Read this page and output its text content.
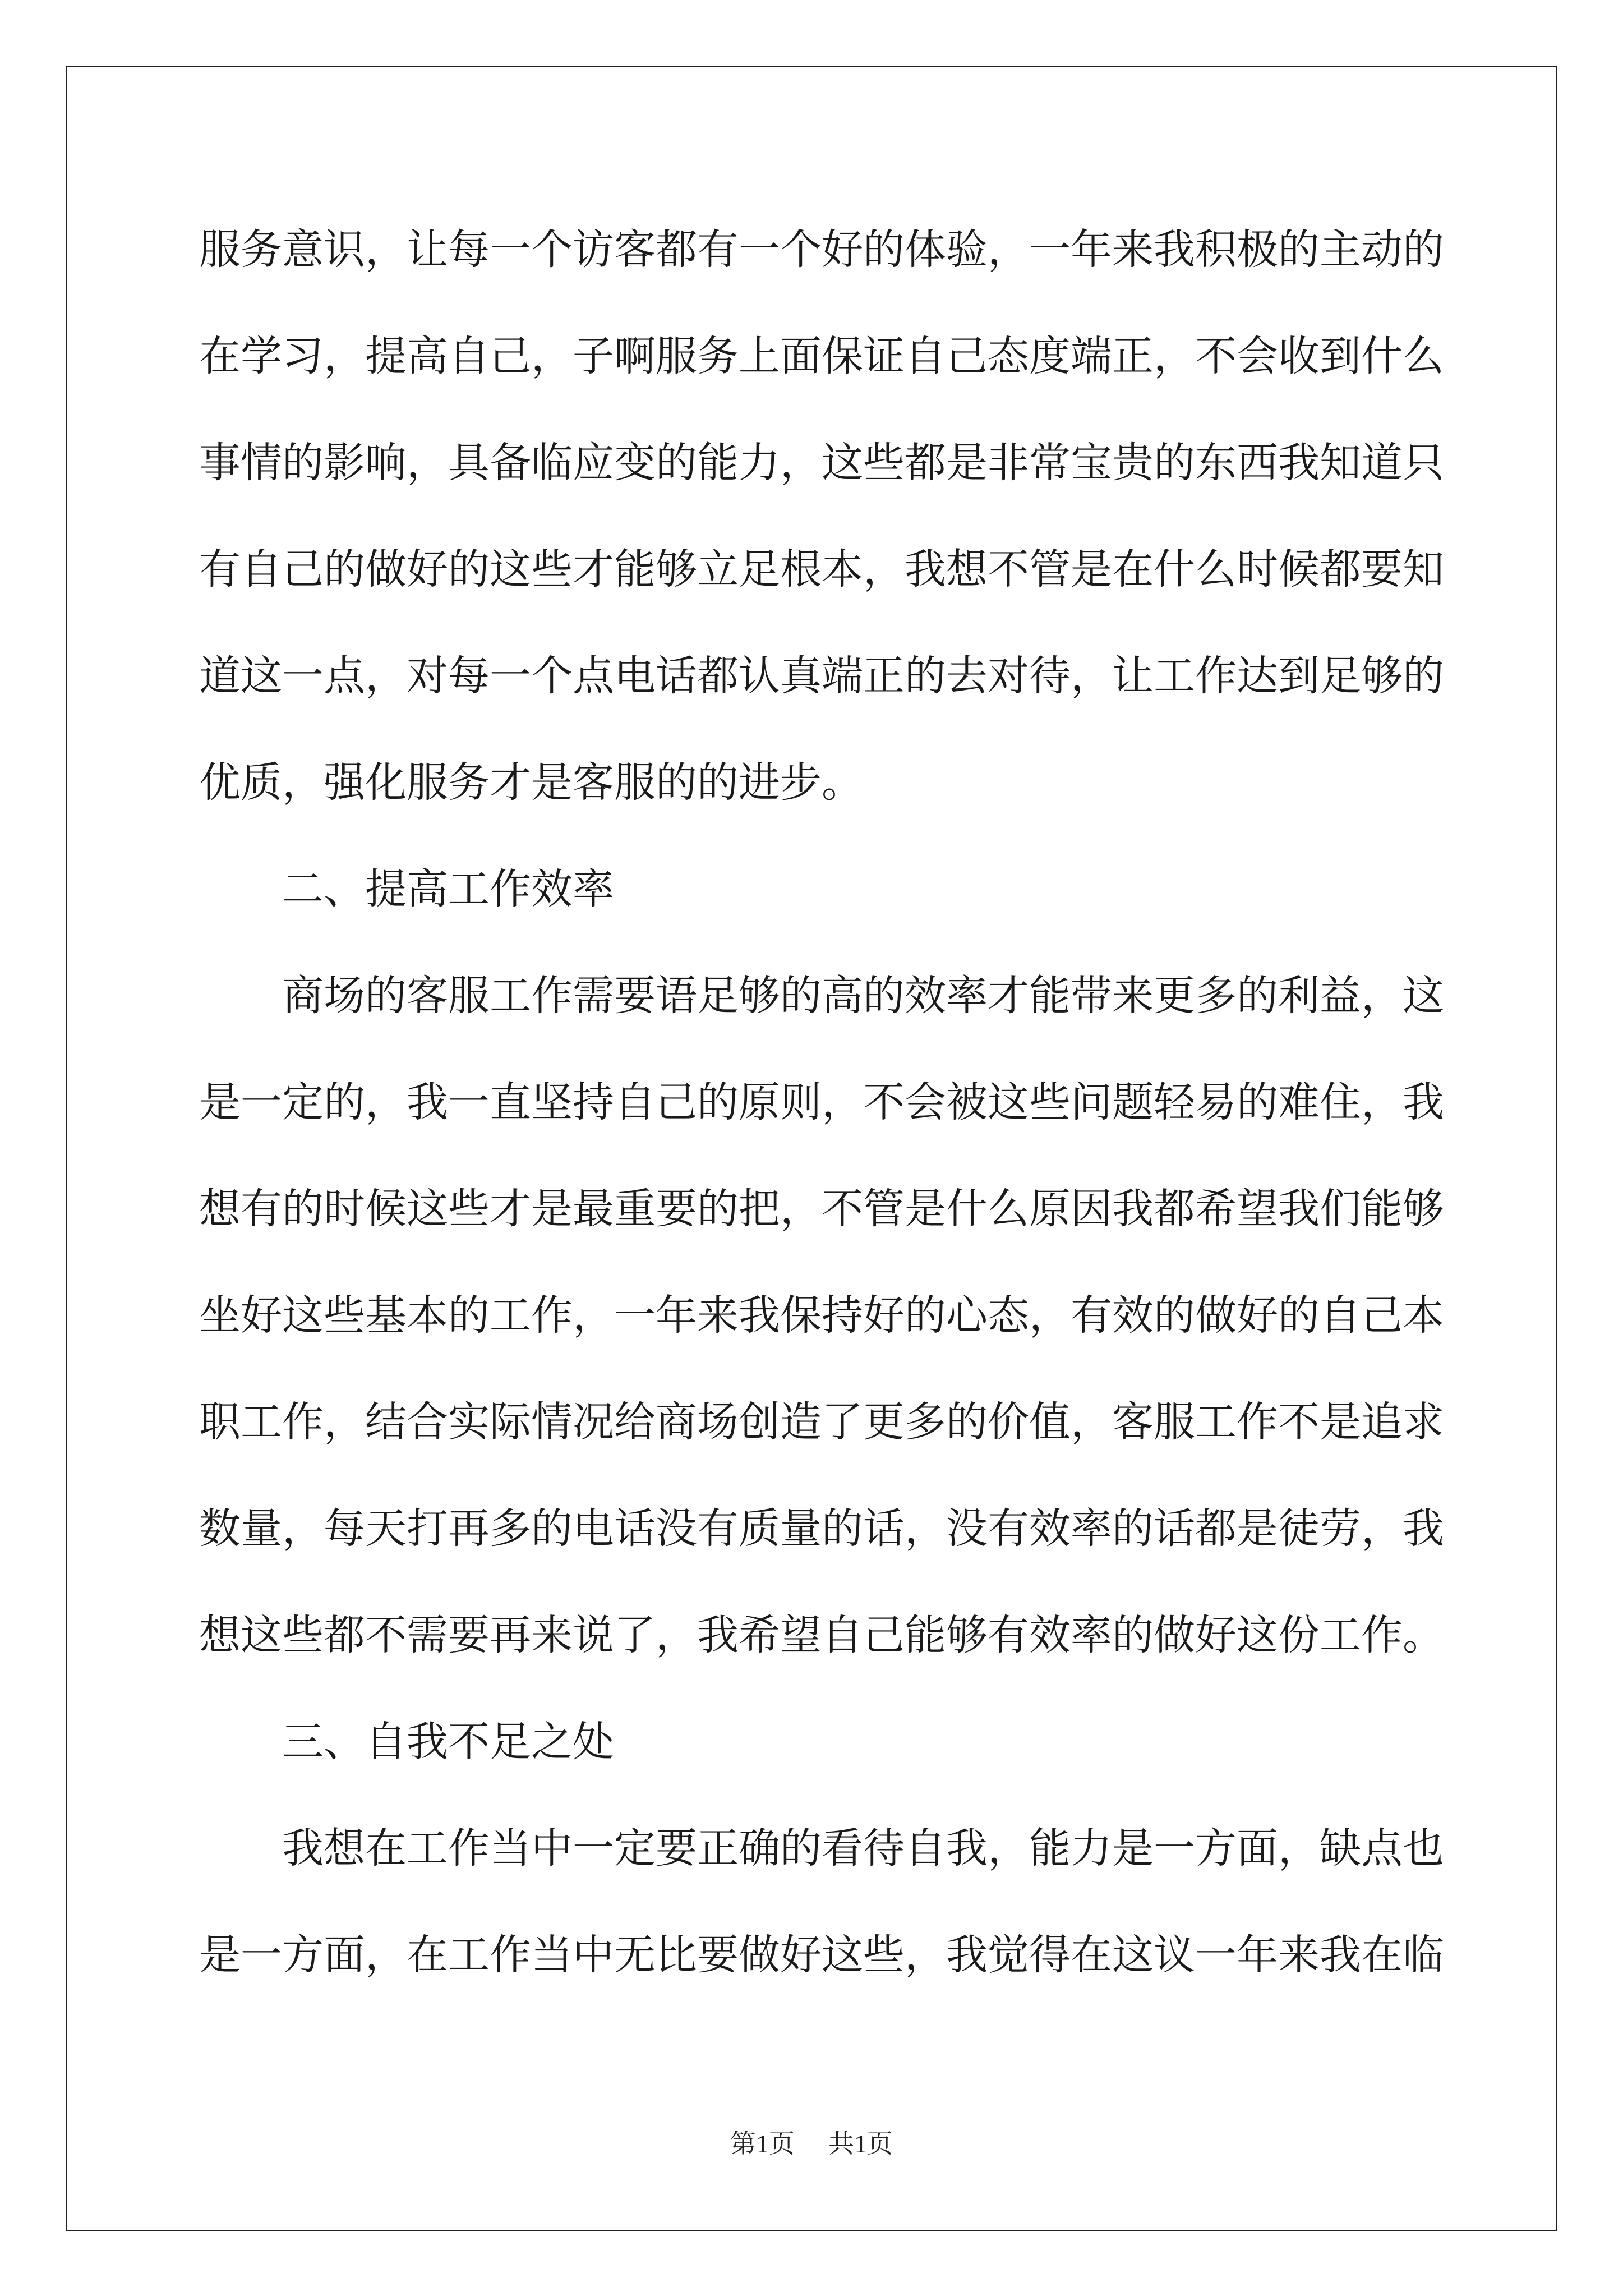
服务意识，让每一个访客都有一个好的体验，一年来我积极的主动的
在学习，提高自己，子啊服务上面保证自己态度端正，不会收到什么
事情的影响，具备临应变的能力，这些都是非常宝贵的东西我知道只
有自己的做好的这些才能够立足根本，我想不管是在什么时候都要知
道这一点，对每一个点电话都认真端正的去对待，让工作达到足够的
优质，强化服务才是客服的的进步。
二、提高工作效率
商场的客服工作需要语足够的高的效率才能带来更多的利益，这
是一定的，我一直坚持自己的原则，不会被这些问题轻易的难住，我
想有的时候这些才是最重要的把，不管是什么原因我都希望我们能够
坐好这些基本的工作，一年来我保持好的心态，有效的做好的自己本
职工作，结合实际情况给商场创造了更多的价值，客服工作不是追求
数量，每天打再多的电话没有质量的话，没有效率的话都是徒劳，我
想这些都不需要再来说了，我希望自己能够有效率的做好这份工作。
三、自我不足之处
我想在工作当中一定要正确的看待自我，能力是一方面，缺点也
是一方面，在工作当中无比要做好这些，我觉得在这议一年来我在临
第1页 共1页
